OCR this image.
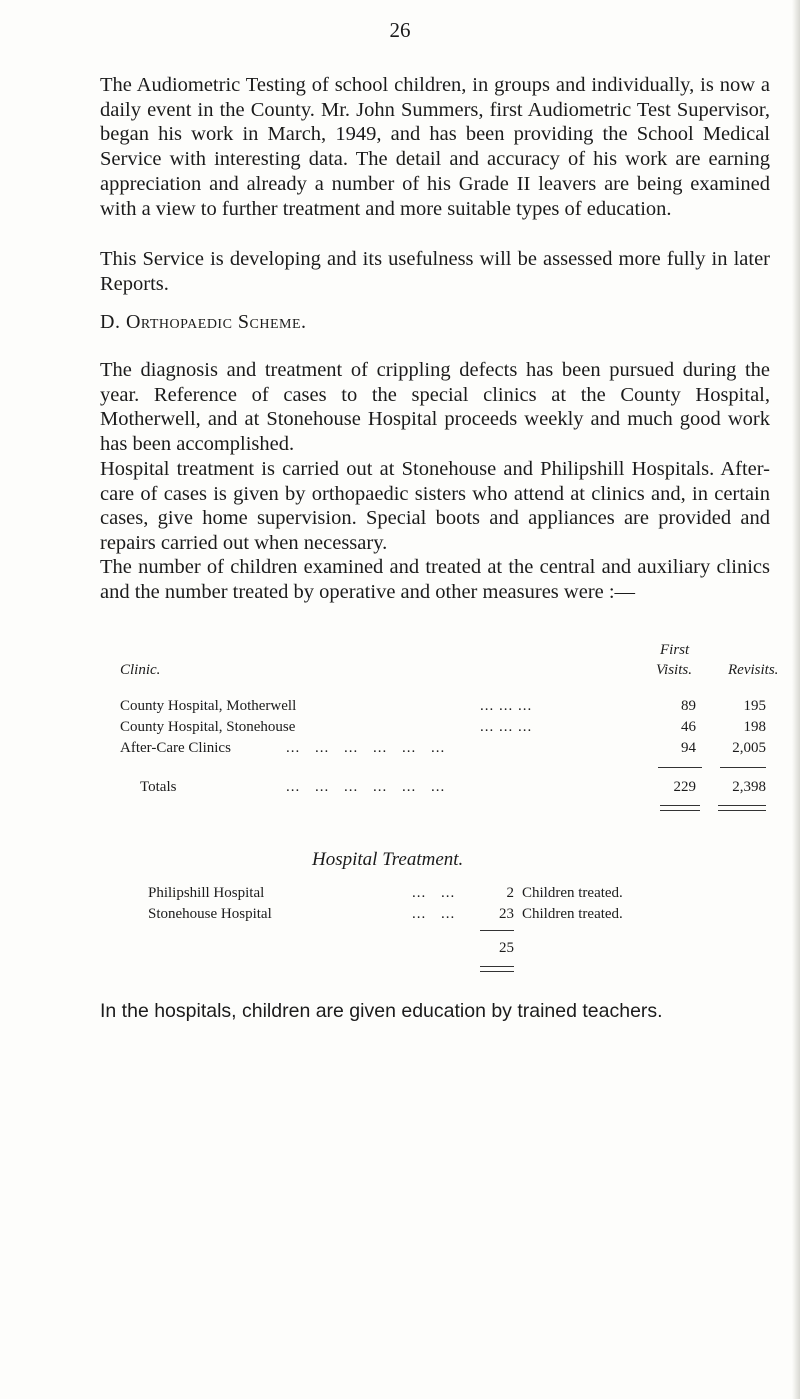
26

The Audiometric Testing of school children, in groups and individually, is now a daily event in the County. Mr. John Summers, first Audiometric Test Supervisor, began his work in March, 1949, and has been providing the School Medical Service with interesting data. The detail and accuracy of his work are earning appreciation and already a number of his Grade II leavers are being examined with a view to further treatment and more suitable types of education.

This Service is developing and its usefulness will be assessed more fully in later Reports.

D. Orthopaedic Scheme.

The diagnosis and treatment of crippling defects has been pursued during the year. Reference of cases to the special clinics at the County Hospital, Motherwell, and at Stonehouse Hospital proceeds weekly and much good work has been accomplished.

Hospital treatment is carried out at Stonehouse and Philipshill Hospitals. After-care of cases is given by orthopaedic sisters who attend at clinics and, in certain cases, give home supervision. Special boots and appliances are provided and repairs carried out when necessary.

The number of children examined and treated at the central and auxiliary clinics and the number treated by operative and other measures were :—

First
Clinic.	Visits. Revisits.
County Hospital, Motherwell	... ... ...	89	195
County Hospital, Stonehouse	... ... ...	46	198
After-Care Clinics	... ... ... ... ... ...	94	2,005
Totals	... ... ... ... ... ...	229	2,398
Hospital Treatment.
Philipshill Hospital	... ...	2 Children treated.
Stonehouse Hospital	... ...	23 Children treated.
25

In the hospitals, children are given education by trained teachers.
